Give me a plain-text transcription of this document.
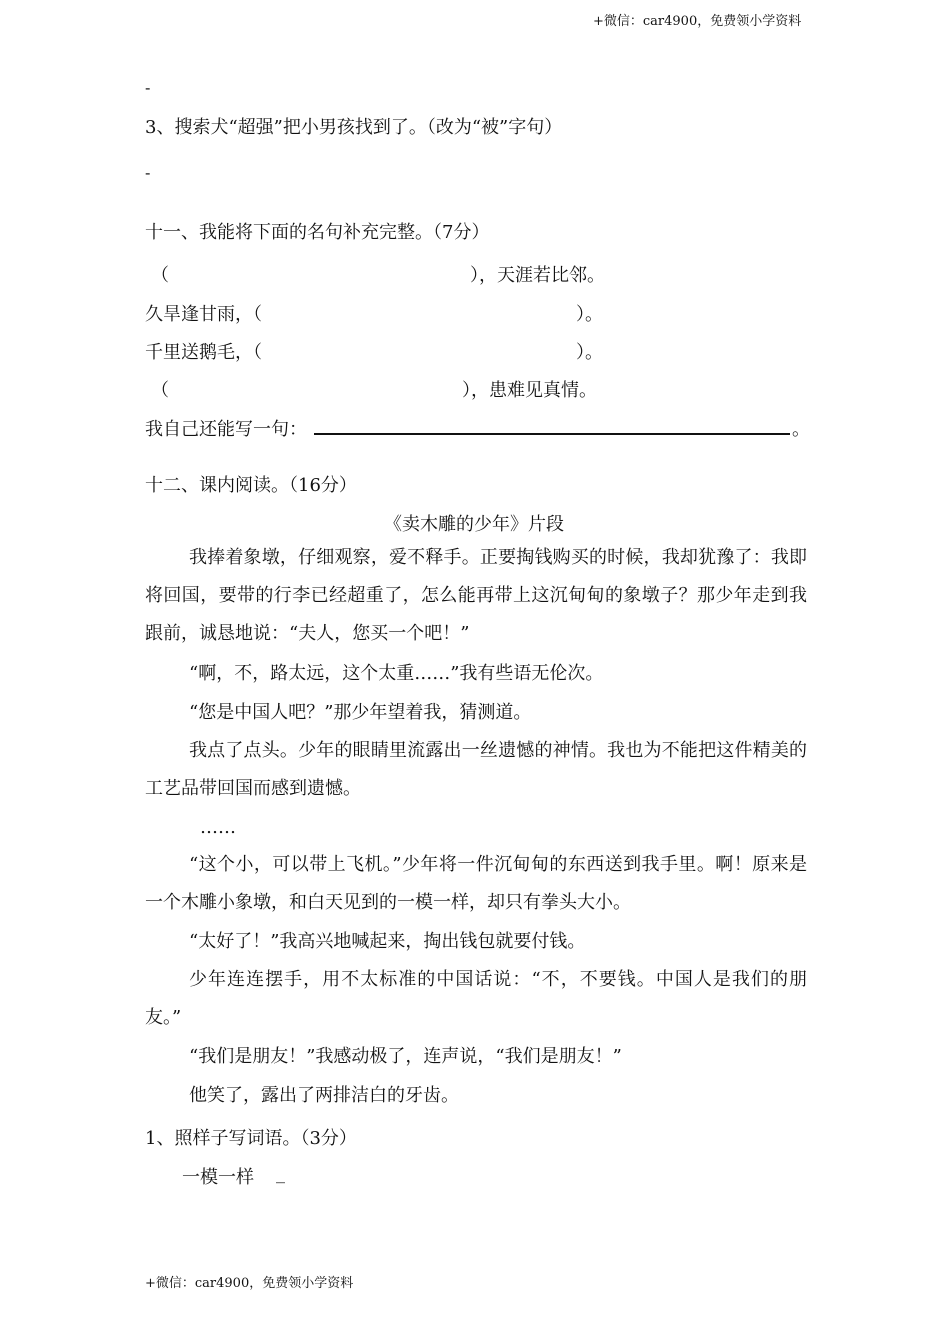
+微信：car4900，免费领小学资料
-
3、搜索犬“超强”把小男孩找到了。（改为“被”字句）
-
十一、我能将下面的名句补充完整。（7分）
（	），天涯若比邻。
久旱逢甘雨，（	）。
千里送鹅毛，（	）。
（	），患难见真情。
我自己还能写一句：	。
十二、课内阅读。（16分）
《卖木雕的少年》片段
我捧着象墩，仔细观察，爱不释手。正要掏钱购买的时候，我却犹豫了：我即将回国，要带的行李已经超重了，怎么能再带上这沉甸甸的象墩子？那少年走到我跟前，诚恳地说：“夫人，您买一个吧！”
“啊，不，路太远，这个太重……”我有些语无伦次。
“您是中国人吧？”那少年望着我，猜测道。
我点了点头。少年的眼睛里流露出一丝遗憾的神情。我也为不能把这件精美的工艺品带回国而感到遗憾。
……
“这个小，可以带上飞机。”少年将一件沉甸甸的东西送到我手里。啊！原来是一个木雕小象墩，和白天见到的一模一样，却只有拳头大小。
“太好了！”我高兴地喊起来，掏出钱包就要付钱。
少年连连摆手，用不太标准的中国话说：“不，不要钱。中国人是我们的朋友。”
“我们是朋友！”我感动极了，连声说，“我们是朋友！”
他笑了，露出了两排洁白的牙齿。
1、照样子写词语。（3分）
一模一样 _
+微信：car4900，免费领小学资料
